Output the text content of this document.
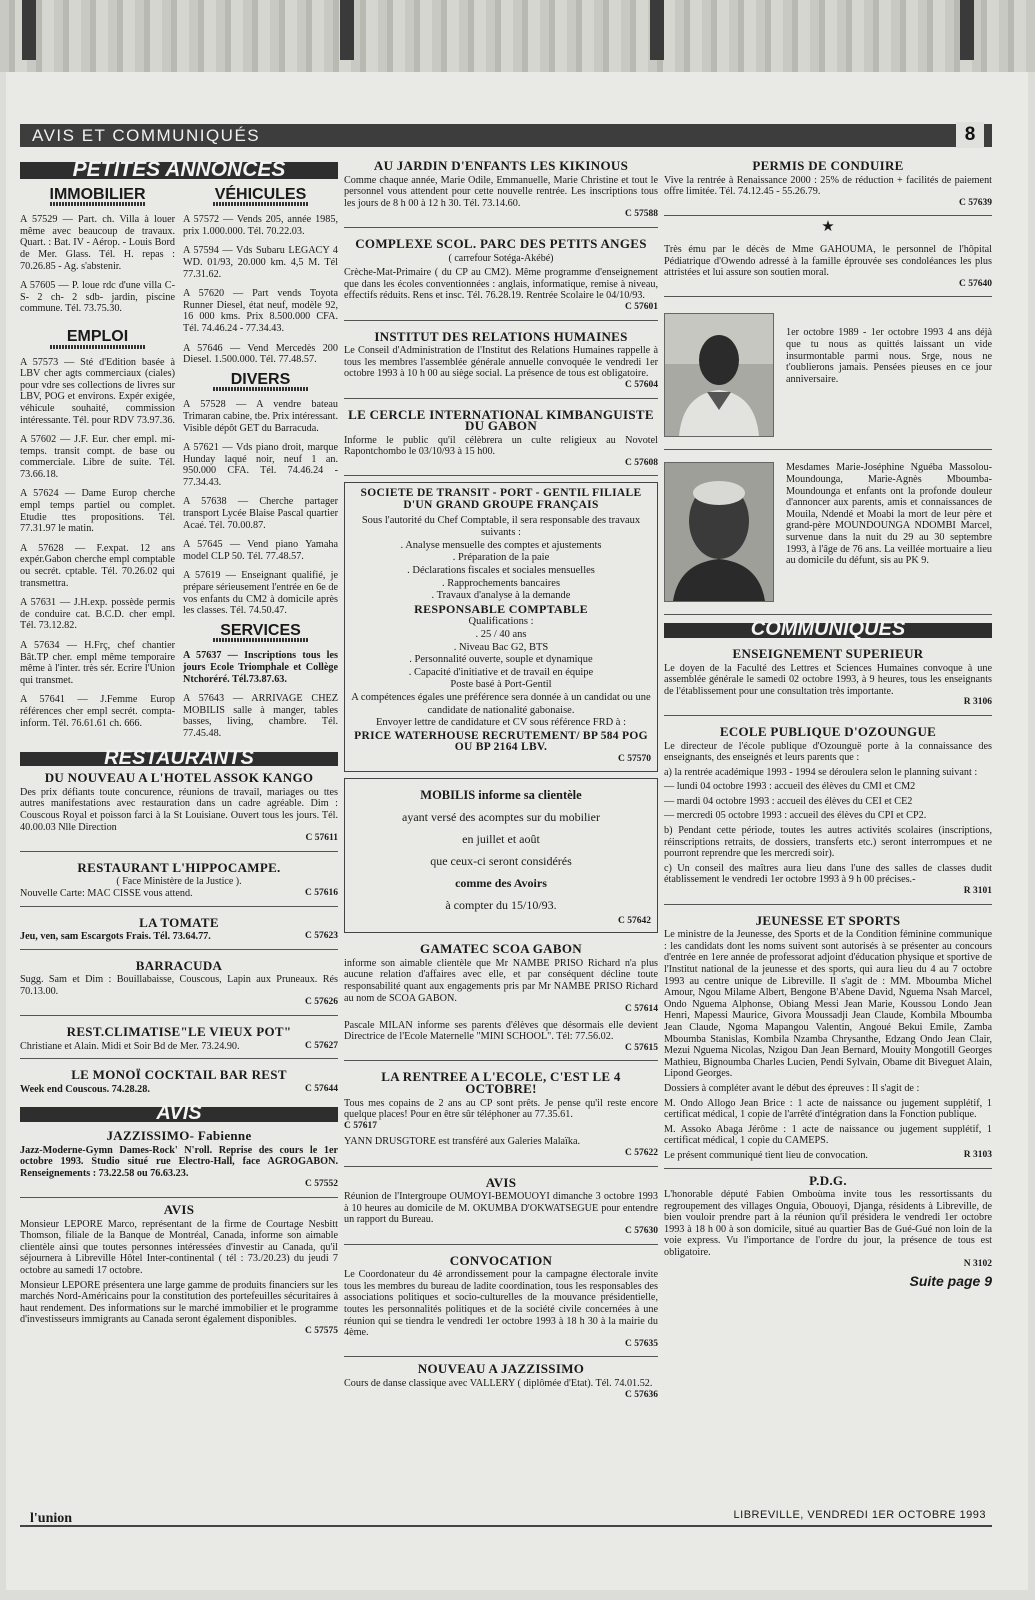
AVIS ET COMMUNIQUÉS	8
PETITES ANNONCES
IMMOBILIER
A 57529 — Part. ch. Villa à louer même avec beaucoup de travaux. Quart. : Bat. IV - Aérop. - Louis Bord de Mer. Glass. Tél. H. repas : 70.26.85 - Ag. s'abstenir.
A 57605 — P. loue rdc d'une villa C- S- 2 ch- 2 sdb- jardin, piscine commune. Tél. 73.75.30.
EMPLOI
A 57573 — Sté d'Edition basée à LBV cher agts commerciaux (ciales) pour vdre ses collections de livres sur LBV, POG et environs. Expér exigée, véhicule souhaité, commission intéressante. Tél. pour RDV 73.97.36.
A 57602 — J.F. Eur. cher empl. mi-temps. transit compt. de base ou commerciale. Libre de suite. Tél. 73.66.18.
A 57624 — Dame Europ cherche empl temps partiel ou complet. Etudie ttes propositions. Tél. 77.31.97 le matin.
A 57628 — F.expat. 12 ans expér.Gabon cherche empl comptable ou secrét. cptable. Tél. 70.26.02 qui transmettra.
A 57631 — J.H.exp. possède permis de conduire cat. B.C.D. cher empl. Tél. 73.12.82.
A 57634 — H.Frç, chef chantier Bât.TP cher. empl même temporaire même à l'inter. très sér. Ecrire l'Union qui transmet.
A 57641 — J.Femme Europ références cher empl secrét. compta- inform. Tél. 76.61.61 ch. 666.
VÉHICULES
A 57572 — Vends 205, année 1985, prix 1.000.000. Tél. 70.22.03.
A 57594 — Vds Subaru LEGACY 4 WD. 01/93, 20.000 km. 4,5 M. Tél 77.31.62.
A 57620 — Part vends Toyota Runner Diesel, état neuf, modèle 92, 16 000 kms. Prix 8.500.000 CFA. Tél. 74.46.24 - 77.34.43.
A 57646 — Vend Mercedès 200 Diesel. 1.500.000. Tél. 77.48.57.
DIVERS
A 57528 — A vendre bateau Trimaran cabine, tbe. Prix intéressant. Visible dépôt GET du Barracuda.
A 57621 — Vds piano droit, marque Hunday laqué noir, neuf 1 an. 950.000 CFA. Tél. 74.46.24 - 77.34.43.
A 57638 — Cherche partager transport Lycée Blaise Pascal quartier Acaé. Tél. 70.00.87.
A 57645 — Vend piano Yamaha model CLP 50. Tél. 77.48.57.
A 57619 — Enseignant qualifié, je prépare sérieusement l'entrée en 6e de vos enfants du CM2 à domicile après les classes. Tél. 74.50.47.
SERVICES
A 57637 — Inscriptions tous les jours Ecole Triomphale et Collège Ntchoréré. Tél.73.87.63.
A 57643 — ARRIVAGE CHEZ MOBILIS salle à manger, tables basses, living, chambre. Tél. 77.45.48.
RESTAURANTS
DU NOUVEAU A L'HOTEL ASSOK KANGO
Des prix défiants toute concurence, réunions de travail, mariages ou ttes autres manifestations avec restauration dans un cadre agréable. Dim : Couscous Royal et poisson farci à la St Louisiane. Ouvert tous les jours. Tél. 40.00.03 Nlle Direction
C 57611
RESTAURANT L'HIPPOCAMPE.
( Face Ministère de la Justice ).
Nouvelle Carte: MAC CISSE vous attend.	C 57616
LA TOMATE
Jeu, ven, sam Escargots Frais. Tél. 73.64.77.	C 57623
BARRACUDA
Sugg. Sam et Dim : Bouillabaisse, Couscous, Lapin aux Pruneaux. Rés 70.13.00.
C 57626
REST.CLIMATISE"LE VIEUX POT"
Christiane et Alain. Midi et Soir Bd de Mer. 73.24.90.	C 57627
LE MONOÏ COCKTAIL BAR REST
Week end Couscous. 74.28.28.	C 57644
AVIS
JAZZISSIMO- Fabienne
Jazz-Moderne-Gymn Dames-Rock' N'roll. Reprise des cours le 1er octobre 1993. Studio situé rue Electro-Hall, face AGROGABON. Renseignements : 73.22.58 ou 76.63.23.
C 57552
AVIS
Monsieur LEPORE Marco, représentant de la firme de Courtage Nesbitt Thomson, filiale de la Banque de Montréal, Canada, informe son aimable clientèle ainsi que toutes personnes intéressées d'investir au Canada, qu'il séjournera à Libreville Hôtel Inter-continental ( tél : 73./20.23) du jeudi 7 octobre au samedi 17 octobre.
Monsieur LEPORE présentera une large gamme de produits financiers sur les marchés Nord-Américains pour la constitution des portefeuilles sécuritaires à haut rendement. Des informations sur le marché immobilier et le programme d'investisseurs immigrants au Canada seront également disponibles.
C 57575
AU JARDIN D'ENFANTS LES KIKINOUS
Comme chaque année, Marie Odile, Emmanuelle, Marie Christine et tout le personnel vous attendent pour cette nouvelle rentrée. Les inscriptions tous les jours de 8 h 00 à 12 h 30. Tél. 73.14.60.
C 57588
COMPLEXE SCOL. PARC DES PETITS ANGES
( carrefour Sotéga-Akébé)
Crèche-Mat-Primaire ( du CP au CM2). Même programme d'enseignement que dans les écoles conventionnées : anglais, informatique, remise à niveau, effectifs réduits. Rens et insc. Tél. 76.28.19. Rentrée Scolaire le 04/10/93.
C 57601
INSTITUT DES RELATIONS HUMAINES
Le Conseil d'Administration de l'Institut des Relations Humaines rappelle à tous les membres l'assemblée générale annuelle convoquée le vendredi 1er octobre 1993 à 10 h 00 au siège social. La présence de tous est obligatoire.
C 57604
LE CERCLE INTERNATIONAL KIMBANGUISTE DU GABON
Informe le public qu'il célèbrera un culte religieux au Novotel Rapontchombo le 03/10/93 à 15 h00.
C 57608
SOCIETE DE TRANSIT - PORT - GENTIL FILIALE D'UN GRAND GROUPE FRANÇAIS
Sous l'autorité du Chef Comptable, il sera responsable des travaux suivants :
. Analyse mensuelle des comptes et ajustements
. Préparation de la paie
. Déclarations fiscales et sociales mensuelles
. Rapprochements bancaires
. Travaux d'analyse à la demande
RESPONSABLE COMPTABLE
Qualifications :
. 25 / 40 ans
. Niveau Bac G2, BTS
. Personnalité ouverte, souple et dynamique
. Capacité d'initiative et de travail en équipe
Poste basé à Port-Gentil
A compétences égales une préférence sera donnée à un candidat ou une candidate de nationalité gabonaise.
Envoyer lettre de candidature et CV sous référence FRD à :
PRICE WATERHOUSE RECRUTEMENT/ BP 584 POG OU BP 2164 LBV.
C 57570
MOBILIS informe sa clientèle
ayant versé des acomptes sur du mobilier
en juillet et août
que ceux-ci seront considérés
comme des Avoirs
à compter du 15/10/93.
C 57642
GAMATEC SCOA GABON
informe son aimable clientèle que Mr NAMBE PRISO Richard n'a plus aucune relation d'affaires avec elle, et par conséquent décline toute responsabilité quant aux engagements pris par Mr NAMBE PRISO Richard au nom de SCOA GABON.
C 57614
Pascale MILAN informe ses parents d'élèves que désormais elle devient Directrice de l'Ecole Maternelle "MINI SCHOOL". Tél: 77.56.02.
C 57615
LA RENTREE A L'ECOLE, C'EST LE 4 OCTOBRE!
Tous mes copains de 2 ans au CP sont prêts. Je pense qu'il reste encore quelque places! Pour en être sûr téléphoner au 77.35.61.
C 57617
YANN DRUSGTORE est transféré aux Galeries Malaïka.
C 57622
AVIS
Réunion de l'Intergroupe OUMOYI-BEMOUOYI dimanche 3 octobre 1993 à 10 heures au domicile de M. OKUMBA D'OKWATSEGUE pour entendre un rapport du Bureau.
C 57630
CONVOCATION
Le Coordonateur du 4è arrondissement pour la campagne électorale invite tous les membres du bureau de ladite coordination, tous les responsables des associations politiques et socio-culturelles de la mouvance présidentielle, toutes les personnalités politiques et de la société civile concernées à une réunion qui se tiendra le vendredi 1er octobre 1993 à 18 h 30 à la mairie du 4ème.
C 57635
NOUVEAU A JAZZISSIMO
Cours de danse classique avec VALLERY ( diplômée d'Etat). Tél. 74.01.52.
C 57636
PERMIS DE CONDUIRE
Vive la rentrée à Renaissance 2000 : 25% de réduction + facilités de paiement offre limitée. Tél. 74.12.45 - 55.26.79.
C 57639
★
Très ému par le décès de Mme GAHOUMA, le personnel de l'hôpital Pédiatrique d'Owendo adressé à la famille éprouvée ses condoléances les plus attristées et lui assure son soutien moral.
C 57640
1er octobre 1989 - 1er octobre 1993 4 ans déjà que tu nous as quittés laissant un vide insurmontable parmi nous. Srge, nous ne t'oublierons jamais. Pensées pieuses en ce jour anniversaire.
Mesdames Marie-Joséphine Nguéba Massolou-Moundounga, Marie-Agnès Mboumba-Moundounga et enfants ont la profonde douleur d'annoncer aux parents, amis et connaissances de Mouila, Ndendé et Moabi la mort de leur père et grand-père MOUNDOUNGA NDOMBI Marcel, survenue dans la nuit du 29 au 30 septembre 1993, à l'âge de 76 ans. La veillée mortuaire a lieu au domicile du défunt, sis au PK 9.
COMMUNIQUES
ENSEIGNEMENT SUPERIEUR
Le doyen de la Faculté des Lettres et Sciences Humaines convoque à une assemblée générale le samedi 02 octobre 1993, à 9 heures, tous les enseignants de l'établissement pour une consultation très importante.
R 3106
ECOLE PUBLIQUE D'OZOUNGUE
Le directeur de l'école publique d'Ozounguë porte à la connaissance des enseignants, des enseignés et leurs parents que :
a) la rentrée académique 1993 - 1994 se déroulera selon le planning suivant :
— lundi 04 octobre 1993 : accueil des élèves du CMI et CM2
— mardi 04 octobre 1993 : accueil des élèves du CEI et CE2
— mercredi 05 octobre 1993 : accueil des élèves du CPI et CP2.
b) Pendant cette période, toutes les autres activités scolaires (inscriptions, réinscriptions retraits, de dossiers, transferts etc.) seront interrompues et ne pourront reprendre que les mercredi soir).
c) Un conseil des maîtres aura lieu dans l'une des salles de classes dudit établissement le vendredi 1er octobre 1993 à 9 h 00 précises.-
R 3101
JEUNESSE ET SPORTS
Le ministre de la Jeunesse, des Sports et de la Condition féminine communique : les candidats dont les noms suivent sont autorisés à se présenter au concours d'entrée en 1ere année de professorat adjoint d'éducation physique et sportive de l'Institut national de la jeunesse et des sports, qui aura lieu du 4 au 7 octobre 1993 au centre unique de Libreville. Il s'agit de : MM. Mboumba Michel Amour, Ngou Milame Albert, Bengone B'Abene David, Nguema Nsah Marcel, Ondo Nguema Alphonse, Obiang Messi Jean Marie, Koussou Londo Jean Henri, Mapessi Maurice, Givora Moussadji Jean Claude, Kombila Mboumba Jean Claude, Ngoma Mapangou Valentin, Angoué Bekui Emile, Zamba Mboumba Stanislas, Kombila Nzamba Chrysanthe, Edzang Ondo Jean Clair, Mezui Nguema Nicolas, Nzigou Dan Jean Bernard, Mouity Mongotill Georges Mathieu, Bignoumba Charles Lucien, Pendi Sylvain, Obame dit Biveguet Alain, Lipond Georges.
Dossiers à compléter avant le début des épreuves : Il s'agit de :
M. Ondo Allogo Jean Brice : 1 acte de naissance ou jugement supplétif, 1 certificat médical, 1 copie de l'arrêté d'intégration dans la Fonction publique.
M. Assoko Abaga Jérôme : 1 acte de naissance ou jugement supplétif, 1 certificat médical, 1 copie du CAMEPS.
Le présent communiqué tient lieu de convocation.	R 3103
P.D.G.
L'honorable député Fabien Omboùma invite tous les ressortissants du regroupement des villages Onguia, Obouoyi, Djanga, résidents à Libreville, de bien vouloir prendre part à la réunion qu'il présidera le vendredi 1er octobre 1993 à 18 h 00 à son domicile, situé au quartier Bas de Gué-Gué non loin de la voie express. Vu l'importance de l'ordre du jour, la présence de tous est obligatoire.
N 3102
Suite page 9
l'union	LIBREVILLE, VENDREDI 1ER OCTOBRE 1993
